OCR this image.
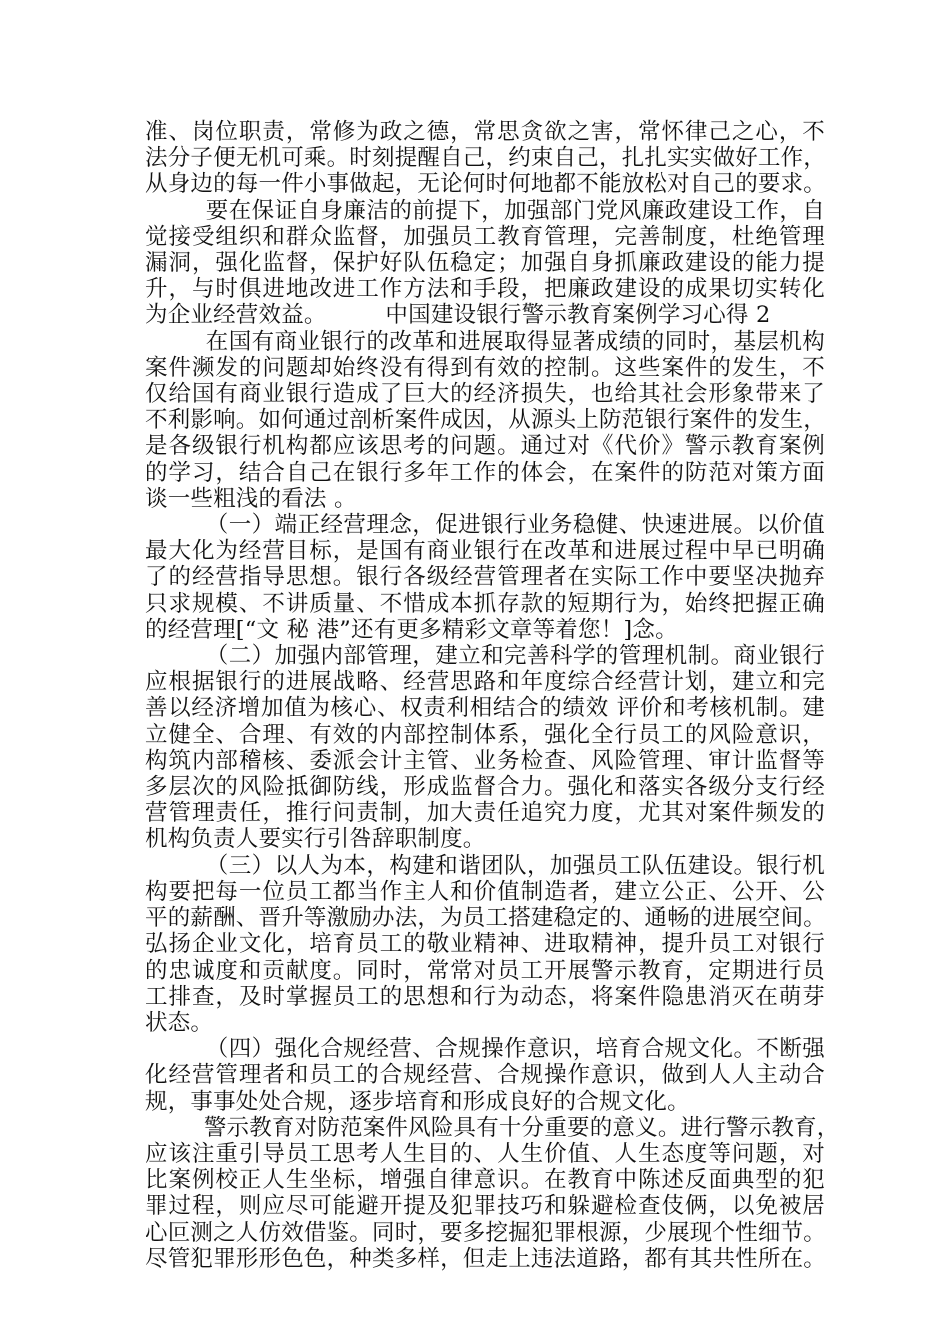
准、岗位职责，常修为政之德，常思贪欲之害，常怀律己之心，不
法分子便无机可乘。时刻提醒自己，约束自己，扎扎实实做好工作，
从身边的每一件小事做起，无论何时何地都不能放松对自己的要求。
要在保证自身廉洁的前提下，加强部门党风廉政建设工作，自
觉接受组织和群众监督，加强员工教育管理，完善制度，杜绝管理
漏洞，强化监督，保护好队伍稳定；加强自身抓廉政建设的能力提
升，与时俱进地改进工作方法和手段，把廉政建设的成果切实转化
为企业经营效益。        中国建设银行警示教育案例学习心得 2
在国有商业银行的改革和进展取得显著成绩的同时，基层机构
案件濒发的问题却始终没有得到有效的控制。这些案件的发生，不
仅给国有商业银行造成了巨大的经济损失，也给其社会形象带来了
不利影响。如何通过剖析案件成因，从源头上防范银行案件的发生，
是各级银行机构都应该思考的问题。通过对《代价》警示教育案例
的学习，结合自己在银行多年工作的体会，在案件的防范对策方面
谈一些粗浅的看法 。
（一）端正经营理念，促进银行业务稳健、快速进展。以价值
最大化为经营目标，是国有商业银行在改革和进展过程中早已明确
了的经营指导思想。银行各级经营管理者在实际工作中要坚决抛弃
只求规模、不讲质量、不惜成本抓存款的短期行为，始终把握正确
的经营理[“文 秘 港”还有更多精彩文章等着您！]念。
（二）加强内部管理，建立和完善科学的管理机制。商业银行
应根据银行的进展战略、经营思路和年度综合经营计划，建立和完
善以经济增加值为核心、权责利相结合的绩效 评价和考核机制。建
立健全、合理、有效的内部控制体系，强化全行员工的风险意识，
构筑内部稽核、委派会计主管、业务检查、风险管理、审计监督等
多层次的风险抵御防线，形成监督合力。强化和落实各级分支行经
营管理责任，推行问责制，加大责任追究力度，尤其对案件频发的
机构负责人要实行引咎辞职制度。
（三）以人为本，构建和谐团队，加强员工队伍建设。银行机
构要把每一位员工都当作主人和价值制造者，建立公正、公开、公
平的薪酬、晋升等激励办法，为员工搭建稳定的、通畅的进展空间。
弘扬企业文化，培育员工的敬业精神、进取精神，提升员工对银行
的忠诚度和贡献度。同时，常常对员工开展警示教育，定期进行员
工排查，及时掌握员工的思想和行为动态，将案件隐患消灭在萌芽
状态。
（四）强化合规经营、合规操作意识，培育合规文化。不断强
化经营管理者和员工的合规经营、合规操作意识，做到人人主动合
规，事事处处合规，逐步培育和形成良好的合规文化。
警示教育对防范案件风险具有十分重要的意义。进行警示教育，
应该注重引导员工思考人生目的、人生价值、人生态度等问题，对
比案例校正人生坐标，增强自律意识。在教育中陈述反面典型的犯
罪过程，则应尽可能避开提及犯罪技巧和躲避检查伎俩，以免被居
心叵测之人仿效借鉴。同时，要多挖掘犯罪根源，少展现个性细节。
尽管犯罪形形色色，种类多样，但走上违法道路，都有其共性所在。
